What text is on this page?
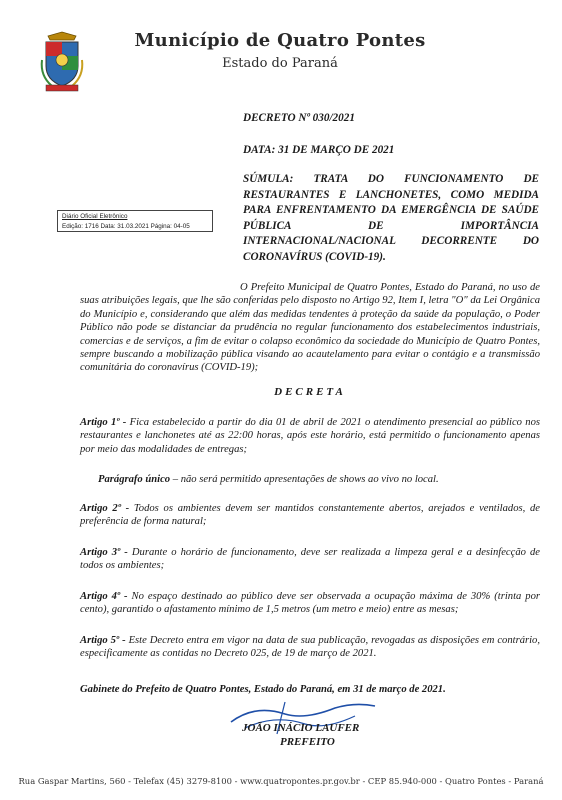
Município de Quatro Pontes
Estado do Paraná
DECRETO Nº 030/2021
DATA: 31 DE MARÇO DE 2021
SÚMULA: TRATA DO FUNCIONAMENTO DE RESTAURANTES E LANCHONETES, COMO MEDIDA PARA ENFRENTAMENTO DA EMERGÊNCIA DE SAÚDE PÚBLICA DE IMPORTÂNCIA INTERNACIONAL/NACIONAL DECORRENTE DO CORONAVÍRUS (COVID-19).
Diário Oficial Eletrônico
Edição: 1716 Data: 31.03.2021 Página: 04-05
O Prefeito Municipal de Quatro Pontes, Estado do Paraná, no uso de suas atribuições legais, que lhe são conferidas pelo disposto no Artigo 92, Item I, letra "O" da Lei Orgânica do Município e, considerando que além das medidas tendentes à proteção da saúde da população, o Poder Público não pode se distanciar da prudência no regular funcionamento dos estabelecimentos industriais, comercias e de serviços, a fim de evitar o colapso econômico da sociedade do Município de Quatro Pontes, sempre buscando a mobilização pública visando ao acautelamento para evitar o contágio e a transmissão comunitária do coronavírus (COVID-19);
DECRETA
Artigo 1º - Fica estabelecido a partir do dia 01 de abril de 2021 o atendimento presencial ao público nos restaurantes e lanchonetes até as 22:00 horas, após este horário, está permitido o funcionamento apenas por meio das modalidades de entregas;
Parágrafo único – não será permitido apresentações de shows ao vivo no local.
Artigo 2º - Todos os ambientes devem ser mantidos constantemente abertos, arejados e ventilados, de preferência de forma natural;
Artigo 3º - Durante o horário de funcionamento, deve ser realizada a limpeza geral e a desinfecção de todos os ambientes;
Artigo 4º - No espaço destinado ao público deve ser observada a ocupação máxima de 30% (trinta por cento), garantido o afastamento mínimo de 1,5 metros (um metro e meio) entre as mesas;
Artigo 5º - Este Decreto entra em vigor na data de sua publicação, revogadas as disposições em contrário, especificamente as contidas no Decreto 025, de 19 de março de 2021.
Gabinete do Prefeito de Quatro Pontes, Estado do Paraná, em 31 de março de 2021.
JOÃO INÁCIO LAUFER
PREFEITO
Rua Gaspar Martins, 560 - Telefax (45) 3279-8100 - www.quatropontes.pr.gov.br - CEP 85.940-000 - Quatro Pontes - Paraná
